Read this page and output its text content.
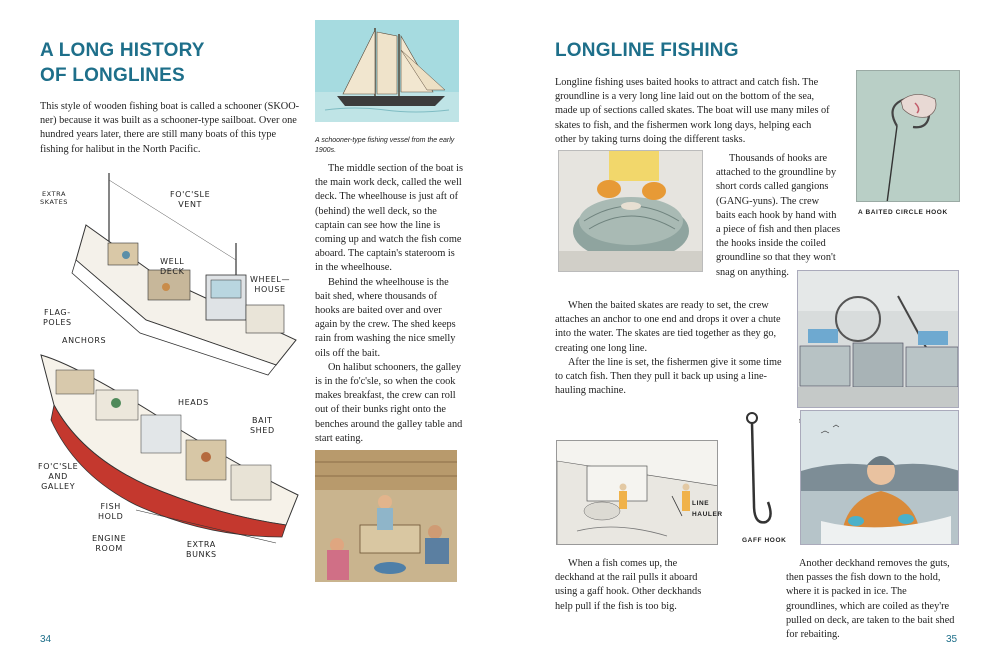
A LONG HISTORY
OF LONGLINES

This style of wooden fishing boat is called a schooner (SKOO-ner) because it was built as a schooner-type sailboat. Over one hundred years later, there are still many boats of this type fishing for halibut in the North Pacific.

A schooner-type fishing vessel from the early 1900s.
EXTRA
SKATES
FO'C'SLE
VENT
WELL
DECK
WHEEL—
HOUSE
FLAG-
POLES
ANCHORS
HEADS
BAIT
SHED
FO'C'SLE
AND
GALLEY
FISH
HOLD
ENGINE
ROOM	EXTRA
BUNKS

The middle section of the boat is the main work deck, called the well deck. The wheelhouse is just aft of (behind) the well deck, so the captain can see how the line is coming up and watch the fish come aboard. The captain's stateroom is in the wheelhouse.

Behind the wheelhouse is the bait shed, where thousands of hooks are baited over and over again by the crew. The shed keeps rain from washing the nice smelly oils off the bait.

On halibut schooners, the galley is in the fo'c'sle, so when the cook makes breakfast, the crew can roll out of their bunks right onto the benches around the galley table and start eating.

34
LONGLINE FISHING

Longline fishing uses baited hooks to attract and catch fish. The groundline is a very long line laid out on the bottom of the sea, made up of sections called skates. The boat will use many miles of skates to fish, and the fishermen work long days, helping each other by taking turns doing the different tasks.

A BAITED CIRCLE HOOK

Thousands of hooks are attached to the groundline by short cords called gangions (GANG-yuns). The crew baits each hook by hand with a piece of fish and then places the hooks inside the coiled groundline so that they won't snag on anything.

When the baited skates are ready to set, the crew attaches an anchor to one end and drops it over a chute into the water. The skates are tied together as they go, creating one long line.

After the line is set, the fishermen give it some time to catch fish. Then they pull it back up using a line-hauling machine.

LINE
HAULER
GAFF HOOK

When a fish comes up, the deckhand at the rail pulls it aboard using a gaff hook. Other deckhands help pull if the fish is too big.

Another deckhand removes the guts, then passes the fish down to the hold, where it is packed in ice. The groundlines, which are coiled as they're pulled on deck, are taken to the bait shed for rebaiting.	35
